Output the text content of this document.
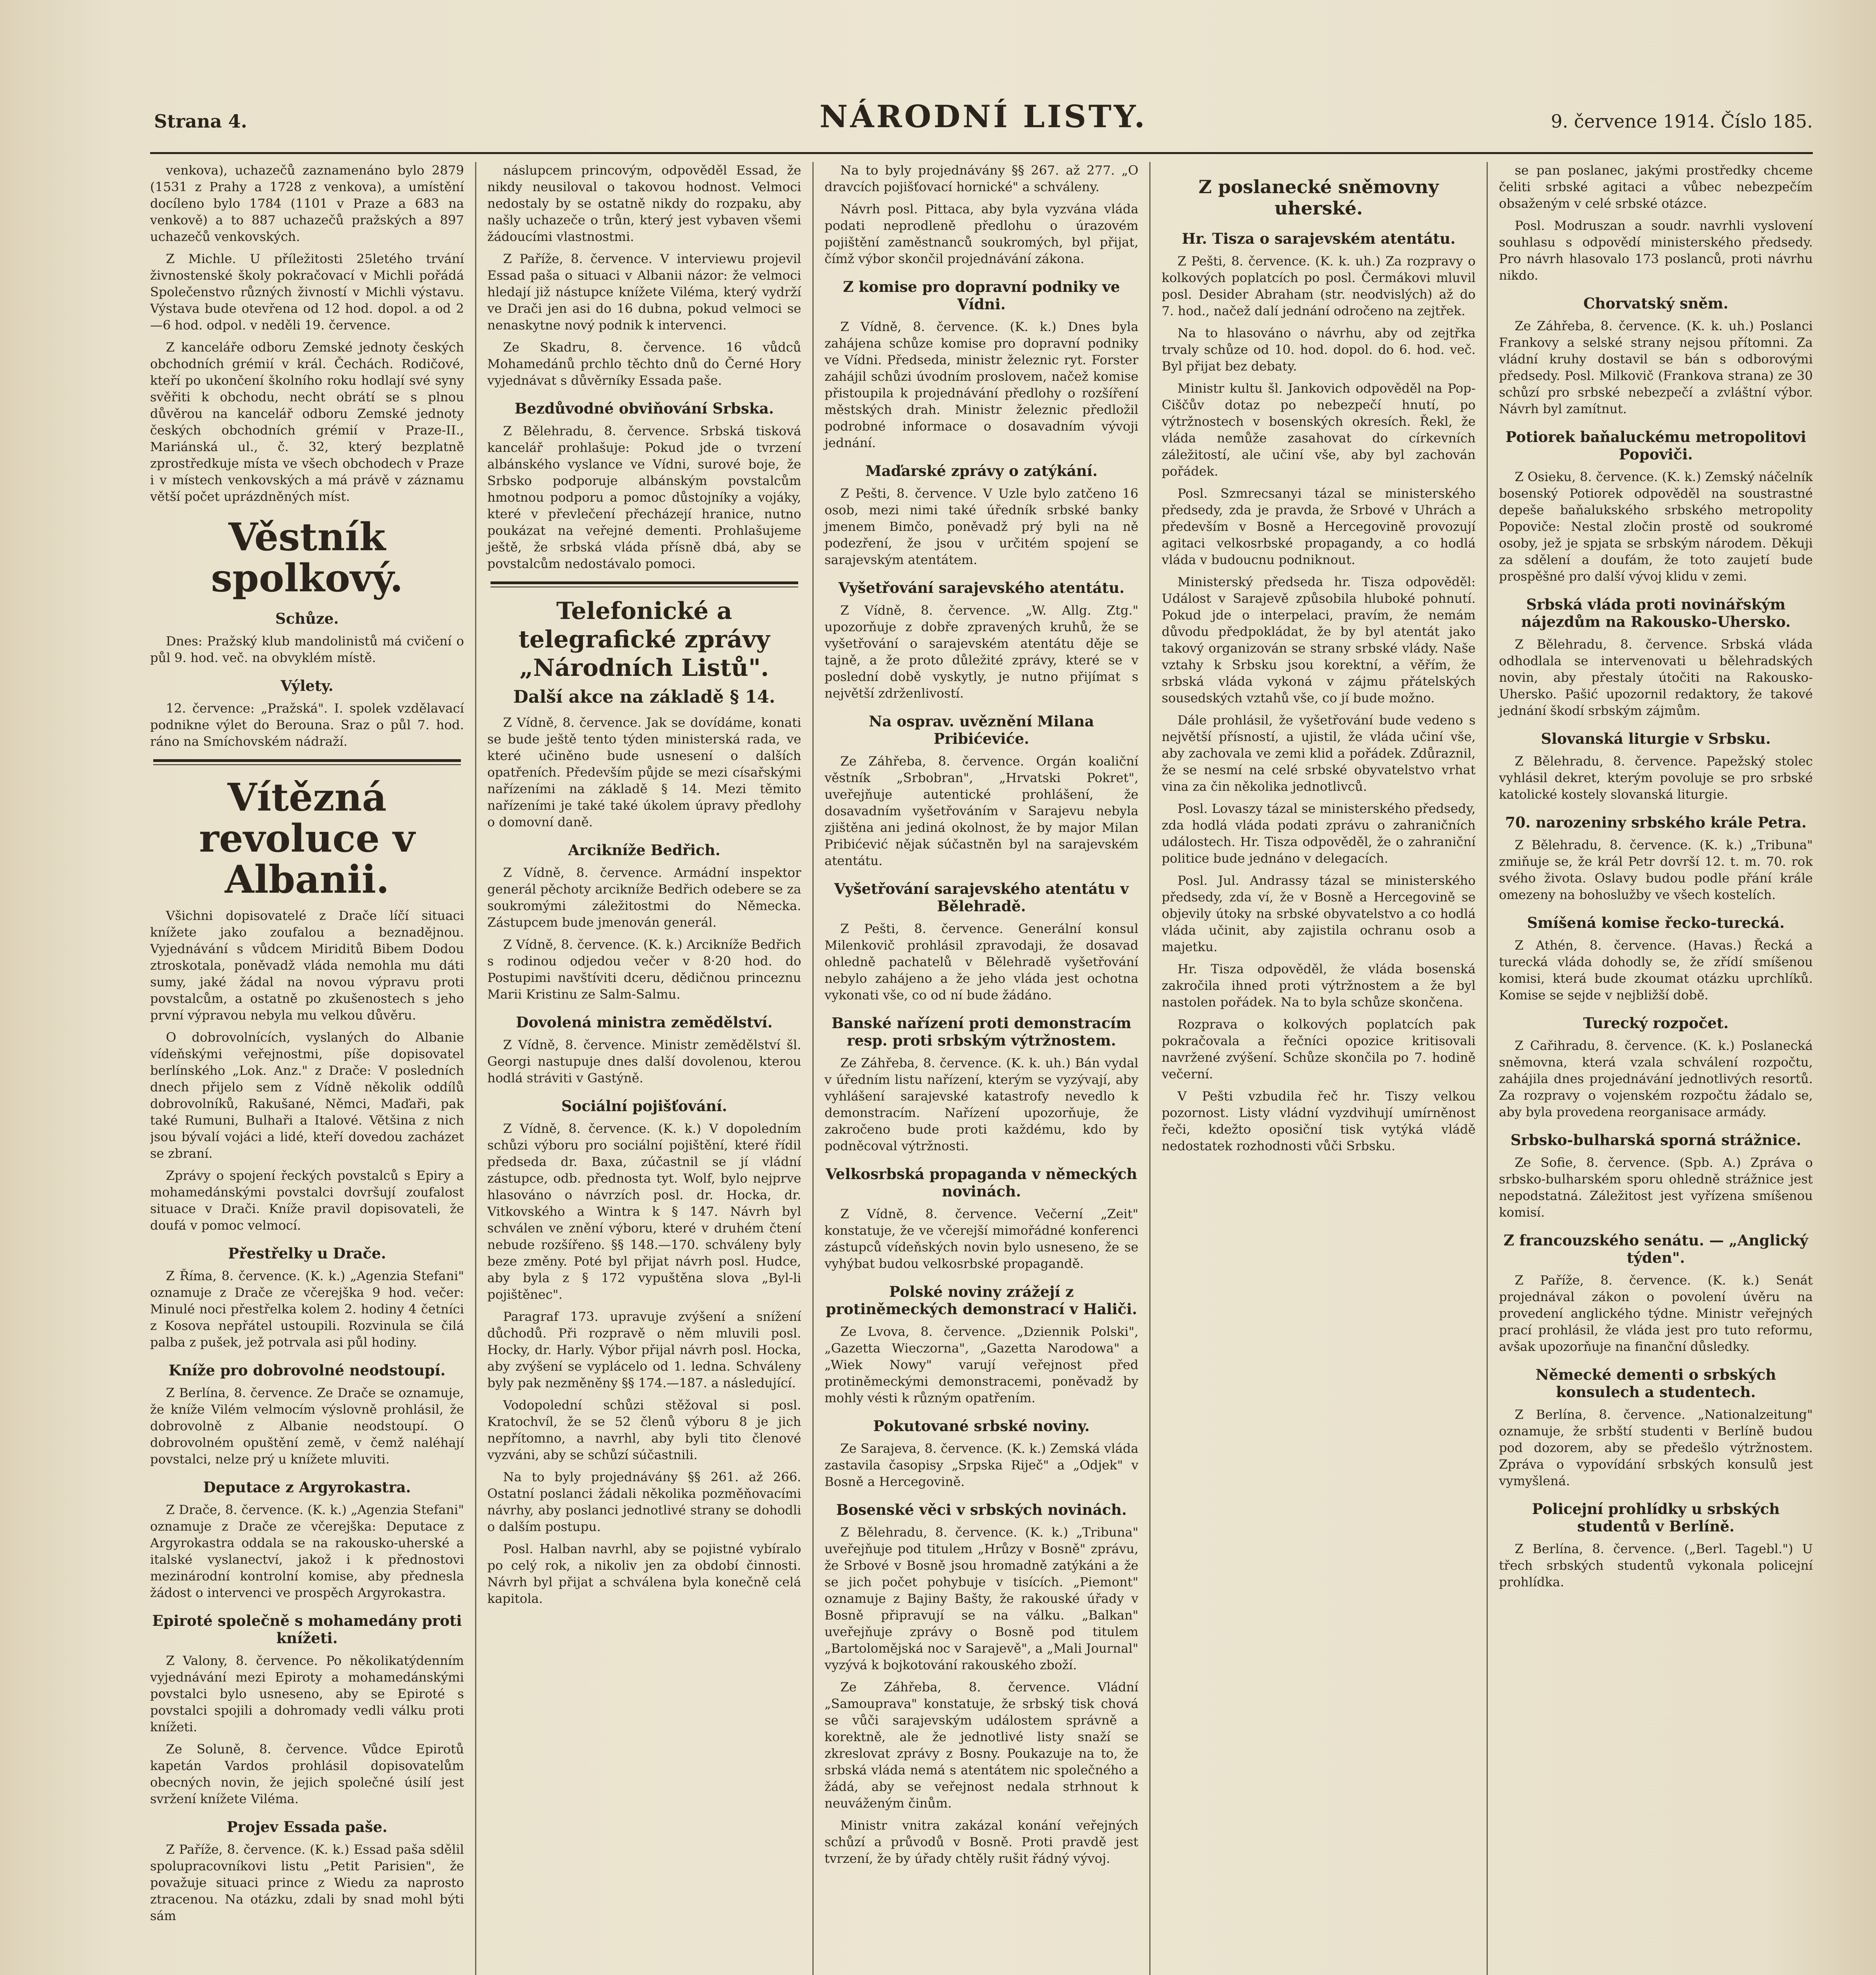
Strana 4.	NÁRODNÍ LISTY.	9. července 1914. Číslo 185.

venkova), uchazečů zaznamenáno bylo 2879 (1531 z Prahy a 1728 z venkova), a umístění docíleno bylo 1784 (1101 v Praze a 683 na venkově) a to 887 uchazečů pražských a 897 uchazečů venkovských.

Z Michle. U příležitosti 25letého trvání živnostenské školy pokračovací v Michli pořádá Společenstvo různých živností v Michli výstavu. Výstava bude otevřena od 12 hod. dopol. a od 2—6 hod. odpol. v neděli 19. července.

Z kanceláře odboru Zemské jednoty českých obchodních grémií v král. Čechách. Rodičové, kteří po ukončení školního roku hodlají své syny svěřiti k obchodu, necht obrátí se s plnou důvěrou na kancelář odboru Zemské jednoty českých obchodních grémií v Praze-II., Mariánská ul., č. 32, který bezplatně zprostředkuje místa ve všech obchodech v Praze i v místech venkovských a má právě v záznamu větší počet uprázdněných míst.

Věstník spolkový.
Schůze.

Dnes: Pražský klub mandolinistů má cvičení o půl 9. hod. več. na obvyklém místě.

Výlety.

12. července: „Pražská". I. spolek vzdělavací podnikne výlet do Berouna. Sraz o půl 7. hod. ráno na Smíchovském nádraží.

Vítězná revoluce v Albanii.

Všichni dopisovatelé z Drače líčí situaci knížete jako zoufalou a beznadějnou. Vyjednávání s vůdcem Miriditů Bibem Dodou ztroskotala, poněvadž vláda nemohla mu dáti sumy, jaké žádal na novou výpravu proti povstalcům, a ostatně po zkušenostech s jeho první výpravou nebyla mu velkou důvěru.

O dobrovolnících, vyslaných do Albanie vídeňskými veřejnostmi, píše dopisovatel berlínského „Lok. Anz." z Drače: V posledních dnech přijelo sem z Vídně několik oddílů dobrovolníků, Rakušané, Němci, Maďaři, pak také Rumuni, Bulhaři a Italové. Většina z nich jsou bývalí vojáci a lidé, kteří dovedou zacházet se zbraní.

Zprávy o spojení řeckých povstalců s Epiry a mohamedánskými povstalci dovršují zoufalost situace v Drači. Kníže pravil dopisovateli, že doufá v pomoc velmocí.

Přestřelky u Drače.

Z Říma, 8. července. (K. k.) „Agenzia Stefani" oznamuje z Drače ze včerejška 9 hod. večer: Minulé noci přestřelka kolem 2. hodiny 4 četníci z Kosova nepřátel ustoupili. Rozvinula se čilá palba z pušek, jež potrvala asi půl hodiny.

Kníže pro dobrovolné neodstoupí.

Z Berlína, 8. července. Ze Drače se oznamuje, že kníže Vilém velmocím výslovně prohlásil, že dobrovolně z Albanie neodstoupí. O dobrovolném opuštění země, v čemž naléhají povstalci, nelze prý u knížete mluviti.

Deputace z Argyrokastra.

Z Drače, 8. července. (K. k.) „Agenzia Stefani" oznamuje z Drače ze včerejška: Deputace z Argyrokastra oddala se na rakousko-uherské a italské vyslanectví, jakož i k přednostovi mezinárodní kontrolní komise, aby přednesla žádost o intervenci ve prospěch Argyrokastra.

Epiroté společně s mohamedány proti knížeti.

Z Valony, 8. července. Po několikatýdenním vyjednávání mezi Epiroty a mohamedánskými povstalci bylo usneseno, aby se Epiroté s povstalci spojili a dohromady vedli válku proti knížeti.

Ze Soluně, 8. července. Vůdce Epirotů kapetán Vardos prohlásil dopisovatelům obecných novin, že jejich společné úsilí jest svržení knížete Viléma.

Projev Essada paše.

Z Paříže, 8. července. (K. k.) Essad paša sdělil spolupracovníkovi listu „Petit Parisien", že považuje situaci prince z Wiedu za naprosto ztracenou. Na otázku, zdali by snad mohl býti sám

náslupcem princovým, odpověděl Essad, že nikdy neusiloval o takovou hodnost. Velmoci nedostaly by se ostatně nikdy do rozpaku, aby našly uchazeče o trůn, který jest vybaven všemi žádoucími vlastnostmi.

Z Paříže, 8. července. V interviewu projevil Essad paša o situaci v Albanii názor: že velmoci hledají již nástupce knížete Viléma, který vydrží ve Drači jen asi do 16 dubna, pokud velmoci se nenaskytne nový podnik k intervenci.

Ze Skadru, 8. července. 16 vůdců Mohamedánů prchlo těchto dnů do Černé Hory vyjednávat s důvěrníky Essada paše.

Bezdůvodné obviňování Srbska.

Z Bělehradu, 8. července. Srbská tisková kancelář prohlašuje: Pokud jde o tvrzení albánského vyslance ve Vídni, surové boje, že Srbsko podporuje albánským povstalcům hmotnou podporu a pomoc důstojníky a vojáky, které v převlečení přecházejí hranice, nutno poukázat na veřejné dementi. Prohlašujeme ještě, že srbská vláda přísně dbá, aby se povstalcům nedostávalo pomoci.

Telefonické a telegrafické zprávy „Národních Listů".
Další akce na základě § 14.

Z Vídně, 8. července. Jak se dovídáme, konati se bude ještě tento týden ministerská rada, ve které učiněno bude usnesení o dalších opatřeních. Především půjde se mezi císařskými nařízeními na základě § 14. Mezi těmito nařízeními je také také úkolem úpravy předlohy o domovní daně.

Arcikníže Bedřich.

Z Vídně, 8. července. Armádní inspektor generál pěchoty arcikníže Bedřich odebere se za soukromými záležitostmi do Německa. Zástupcem bude jmenován generál.

Z Vídně, 8. července. (K. k.) Arcikníže Bedřich s rodinou odjedou večer v 8·20 hod. do Postupimi navštíviti dceru, dědičnou princeznu Marii Kristinu ze Salm-Salmu.

Dovolená ministra zemědělství.

Z Vídně, 8. července. Ministr zemědělství šl. Georgi nastupuje dnes další dovolenou, kterou hodlá stráviti v Gastýně.

Sociální pojišťování.

Z Vídně, 8. července. (K. k.) V dopoledním schůzi výboru pro sociální pojištění, které řídil předseda dr. Baxa, zúčastnil se jí vládní zástupce, odb. přednosta tyt. Wolf, bylo nejprve hlasováno o návrzích posl. dr. Hocka, dr. Vitkovského a Wintra k § 147. Návrh byl schválen ve znění výboru, které v druhém čtení nebude rozšířeno. §§ 148.—170. schváleny byly beze změny. Poté byl přijat návrh posl. Hudce, aby byla z § 172 vypuštěna slova „Byl-li pojištěnec".

Paragraf 173. upravuje zvýšení a snížení důchodů. Při rozpravě o něm mluvili posl. Hocky, dr. Harly. Výbor přijal návrh posl. Hocka, aby zvýšení se vyplácelo od 1. ledna. Schváleny byly pak nezměněny §§ 174.—187. a následující.

Vodopolední schůzi stěžoval si posl. Kratochvíl, že se 52 členů výboru 8 je jich nepřítomno, a navrhl, aby byli tito členové vyzváni, aby se schůzí súčastnili.

Na to byly projednávány §§ 261. až 266. Ostatní poslanci žádali několika pozměňovacími návrhy, aby poslanci jednotlivé strany se dohodli o dalším postupu.

Posl. Halban navrhl, aby se pojistné vybíralo po celý rok, a nikoliv jen za období činnosti. Návrh byl přijat a schválena byla konečně celá kapitola.

Na to byly projednávány §§ 267. až 277. „O dravcích pojišťovací hornické" a schváleny.

Návrh posl. Pittaca, aby byla vyzvána vláda podati neprodleně předlohu o úrazovém pojištění zaměstnanců soukromých, byl přijat, čímž výbor skončil projednávání zákona.

Z komise pro dopravní podniky ve Vídni.

Z Vídně, 8. července. (K. k.) Dnes byla zahájena schůze komise pro dopravní podniky ve Vídni. Předseda, ministr železnic ryt. Forster zahájil schůzi úvodním proslovem, načež komise přistoupila k projednávání předlohy o rozšíření městských drah. Ministr železnic předložil podrobné informace o dosavadním vývoji jednání.

Maďarské zprávy o zatýkání.

Z Pešti, 8. července. V Uzle bylo zatčeno 16 osob, mezi nimi také úředník srbské banky jmenem Bimčo, poněvadž prý byli na ně podezření, že jsou v určitém spojení se sarajevským atentátem.

Vyšetřování sarajevského atentátu.

Z Vídně, 8. července. „W. Allg. Ztg." upozorňuje z dobře zpravených kruhů, že se vyšetřování o sarajevském atentátu děje se tajně, a že proto důležité zprávy, které se v poslední době vyskytly, je nutno přijímat s největší zdrženlivostí.

Na osprav. uvěznění Milana Pribićeviće.

Ze Záhřeba, 8. července. Orgán koaliční věstník „Srbobran", „Hrvatski Pokret", uveřejňuje autentické prohlášení, že dosavadním vyšetřováním v Sarajevu nebyla zjištěna ani jediná okolnost, že by major Milan Pribićević nějak súčastněn byl na sarajevském atentátu.

Vyšetřování sarajevského atentátu v Bělehradě.

Z Pešti, 8. července. Generální konsul Milenkovič prohlásil zpravodaji, že dosavad ohledně pachatelů v Bělehradě vyšetřování nebylo zahájeno a že jeho vláda jest ochotna vykonati vše, co od ní bude žádáno.

Banské nařízení proti demonstracím resp. proti srbským výtržnostem.

Ze Záhřeba, 8. července. (K. k. uh.) Bán vydal v úředním listu nařízení, kterým se vyzývají, aby vyhlášení sarajevské katastrofy nevedlo k demonstracím. Nařízení upozorňuje, že zakročeno bude proti každému, kdo by podněcoval výtržnosti.

Velkosrbská propaganda v německých novinách.

Z Vídně, 8. července. Večerní „Zeit" konstatuje, že ve včerejší mimořádné konferenci zástupců vídeňských novin bylo usneseno, že se vyhýbat budou velkosrbské propagandě.

Polské noviny zrážejí z protiněmeckých demonstrací v Haliči.

Ze Lvova, 8. července. „Dziennik Polski", „Gazetta Wieczorna", „Gazetta Narodowa" a „Wiek Nowy" varují veřejnost před protiněmeckými demonstracemi, poněvadž by mohly vésti k různým opatřením.

Pokutované srbské noviny.

Ze Sarajeva, 8. července. (K. k.) Zemská vláda zastavila časopisy „Srpska Riječ" a „Odjek" v Bosně a Hercegovině.

Bosenské věci v srbských novinách.

Z Bělehradu, 8. července. (K. k.) „Tribuna" uveřejňuje pod titulem „Hrůzy v Bosně" zprávu, že Srbové v Bosně jsou hromadně zatýkáni a že se jich počet pohybuje v tisících. „Piemont" oznamuje z Bajiny Bašty, že rakouské úřady v Bosně připravují se na válku. „Balkan" uveřejňuje zprávy o Bosně pod titulem „Bartolomějská noc v Sarajevě", a „Mali Journal" vyzývá k bojkotování rakouského zboží.

Ze Záhřeba, 8. července. Vládní „Samouprava" konstatuje, že srbský tisk chová se vůči sarajevským událostem správně a korektně, ale že jednotlivé listy snaží se zkreslovat zprávy z Bosny. Poukazuje na to, že srbská vláda nemá s atentátem nic společného a žádá, aby se veřejnost nedala strhnout k neuváženým činům.

Ministr vnitra zakázal konání veřejných schůzí a průvodů v Bosně. Proti pravdě jest tvrzení, že by úřady chtěly rušit řádný vývoj.

Z poslanecké sněmovny uherské.
Hr. Tisza o sarajevském atentátu.

Z Pešti, 8. července. (K. k. uh.) Za rozpravy o kolkových poplatcích po posl. Čermákovi mluvil posl. Desider Abraham (str. neodvislých) až do 7. hod., načež dalí jednání odročeno na zejtřek.

Na to hlasováno o návrhu, aby od zejtřka trvaly schůze od 10. hod. dopol. do 6. hod. več. Byl přijat bez debaty.

Ministr kultu šl. Jankovich odpověděl na Pop-Ciščův dotaz po nebezpečí hnutí, po výtržnostech v bosenských okresích. Řekl, že vláda nemůže zasahovat do církevních záležitostí, ale učiní vše, aby byl zachován pořádek.

Posl. Szmrecsanyi tázal se ministerského předsedy, zda je pravda, že Srbové v Uhrách a především v Bosně a Hercegovině provozují agitaci velkosrbské propagandy, a co hodlá vláda v budoucnu podniknout.

Ministerský předseda hr. Tisza odpověděl: Událost v Sarajevě způsobila hluboké pohnutí. Pokud jde o interpelaci, pravím, že nemám důvodu předpokládat, že by byl atentát jako takový organizován se strany srbské vlády. Naše vztahy k Srbsku jsou korektní, a věřím, že srbská vláda vykoná v zájmu přátelských sousedských vztahů vše, co jí bude možno.

Dále prohlásil, že vyšetřování bude vedeno s největší přísností, a ujistil, že vláda učiní vše, aby zachovala ve zemi klid a pořádek. Zdůraznil, že se nesmí na celé srbské obyvatelstvo vrhat vina za čin několika jednotlivců.

Posl. Lovaszy tázal se ministerského předsedy, zda hodlá vláda podati zprávu o zahraničních událostech. Hr. Tisza odpověděl, že o zahraniční politice bude jednáno v delegacích.

Posl. Jul. Andrassy tázal se ministerského předsedy, zda ví, že v Bosně a Hercegovině se objevily útoky na srbské obyvatelstvo a co hodlá vláda učinit, aby zajistila ochranu osob a majetku.

Hr. Tisza odpověděl, že vláda bosenská zakročila ihned proti výtržnostem a že byl nastolen pořádek. Na to byla schůze skončena.

Rozprava o kolkových poplatcích pak pokračovala a řečníci opozice kritisovali navržené zvýšení. Schůze skončila po 7. hodině večerní.

V Pešti vzbudila řeč hr. Tiszy velkou pozornost. Listy vládní vyzdvihují umírněnost řeči, kdežto oposiční tisk vytýká vládě nedostatek rozhodnosti vůči Srbsku.

se pan poslanec, jakými prostředky chceme čeliti srbské agitaci a vůbec nebezpečím obsaženým v celé srbské otázce.

Posl. Modruszan a soudr. navrhli vyslovení souhlasu s odpovědí ministerského předsedy. Pro návrh hlasovalo 173 poslanců, proti návrhu nikdo.

Chorvatský sněm.

Ze Záhřeba, 8. července. (K. k. uh.) Poslanci Frankovy a selské strany nejsou přítomni. Za vládní kruhy dostavil se bán s odborovými předsedy. Posl. Milkovič (Frankova strana) ze 30 schůzí pro srbské nebezpečí a zvláštní výbor. Návrh byl zamítnut.

Potiorek baňaluckému metropolitovi Popoviči.

Z Osieku, 8. července. (K. k.) Zemský náčelník bosenský Potiorek odpověděl na soustrastné depeše baňalukského srbského metropolity Popoviče: Nestal zločin prostě od soukromé osoby, jež je spjata se srbským národem. Děkuji za sdělení a doufám, že toto zaujetí bude prospěšné pro další vývoj klidu v zemi.

Srbská vláda proti novinářským nájezdům na Rakousko-Uhersko.

Z Bělehradu, 8. července. Srbská vláda odhodlala se intervenovati u bělehradských novin, aby přestaly útočiti na Rakousko-Uhersko. Pašić upozornil redaktory, že takové jednání škodí srbským zájmům.

Slovanská liturgie v Srbsku.

Z Bělehradu, 8. července. Papežský stolec vyhlásil dekret, kterým povoluje se pro srbské katolické kostely slovanská liturgie.

70. narozeniny srbského krále Petra.

Z Bělehradu, 8. července. (K. k.) „Tribuna" zmiňuje se, že král Petr dovrší 12. t. m. 70. rok svého života. Oslavy budou podle přání krále omezeny na bohoslužby ve všech kostelích.

Smíšená komise řecko-turecká.

Z Athén, 8. července. (Havas.) Řecká a turecká vláda dohodly se, že zřídí smíšenou komisi, která bude zkoumat otázku uprchlíků. Komise se sejde v nejbližší době.

Turecký rozpočet.

Z Cařihradu, 8. července. (K. k.) Poslanecká sněmovna, která vzala schválení rozpočtu, zahájila dnes projednávání jednotlivých resortů. Za rozpravy o vojenském rozpočtu žádalo se, aby byla provedena reorganisace armády.

Srbsko-bulharská sporná strážnice.

Ze Sofie, 8. července. (Spb. A.) Zpráva o srbsko-bulharském sporu ohledně strážnice jest nepodstatná. Záležitost jest vyřízena smíšenou komisí.

Z francouzského senátu. — „Anglický týden".

Z Paříže, 8. července. (K. k.) Senát projednával zákon o povolení úvěru na provedení anglického týdne. Ministr veřejných prací prohlásil, že vláda jest pro tuto reformu, avšak upozorňuje na finanční důsledky.

Německé dementi o srbských konsulech a studentech.

Z Berlína, 8. července. „Nationalzeitung" oznamuje, že srbští studenti v Berlíně budou pod dozorem, aby se předešlo výtržnostem. Zpráva o vypovídání srbských konsulů jest vymyšlená.

Policejní prohlídky u srbských studentů v Berlíně.

Z Berlína, 8. července. („Berl. Tagebl.") U třech srbských studentů vykonala policejní prohlídka.
